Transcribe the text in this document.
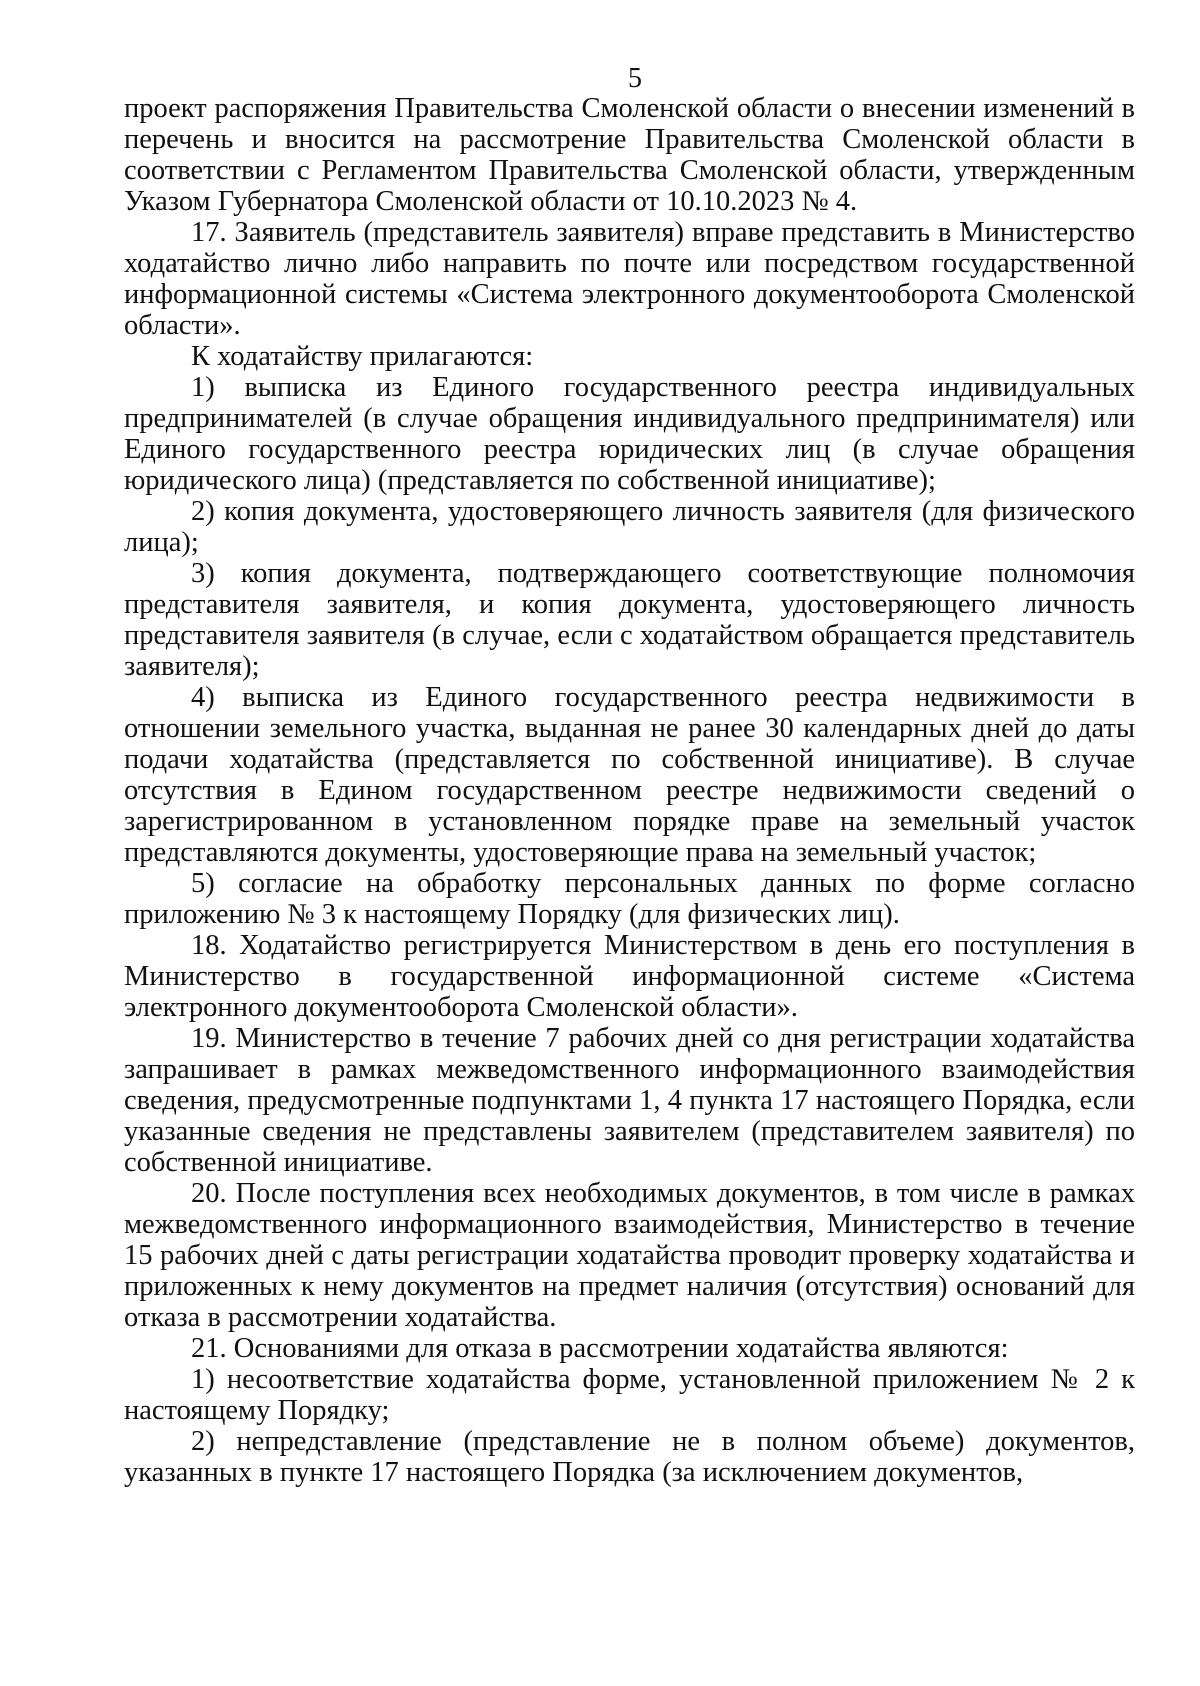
5

проект распоряжения Правительства Смоленской области о внесении изменений в перечень и вносится на рассмотрение Правительства Смоленской области в соответствии с Регламентом Правительства Смоленской области, утвержденным Указом Губернатора Смоленской области от 10.10.2023 № 4.

17. Заявитель (представитель заявителя) вправе представить в Министерство ходатайство лично либо направить по почте или посредством государственной информационной системы «Система электронного документооборота Смоленской области».

К ходатайству прилагаются:

1) выписка из Единого государственного реестра индивидуальных предпринимателей (в случае обращения индивидуального предпринимателя) или Единого государственного реестра юридических лиц (в случае обращения юридического лица) (представляется по собственной инициативе);

2) копия документа, удостоверяющего личность заявителя (для физического лица);

3) копия документа, подтверждающего соответствующие полномочия представителя заявителя, и копия документа, удостоверяющего личность представителя заявителя (в случае, если с ходатайством обращается представитель заявителя);

4) выписка из Единого государственного реестра недвижимости в отношении земельного участка, выданная не ранее 30 календарных дней до даты подачи ходатайства (представляется по собственной инициативе). В случае отсутствия в Едином государственном реестре недвижимости сведений о зарегистрированном в установленном порядке праве на земельный участок представляются документы, удостоверяющие права на земельный участок;

5) согласие на обработку персональных данных по форме согласно приложению № 3 к настоящему Порядку (для физических лиц).

18. Ходатайство регистрируется Министерством в день его поступления в Министерство в государственной информационной системе «Система электронного документооборота Смоленской области».

19. Министерство в течение 7 рабочих дней со дня регистрации ходатайства запрашивает в рамках межведомственного информационного взаимодействия сведения, предусмотренные подпунктами 1, 4 пункта 17 настоящего Порядка, если указанные сведения не представлены заявителем (представителем заявителя) по собственной инициативе.

20. После поступления всех необходимых документов, в том числе в рамках межведомственного информационного взаимодействия, Министерство в течение 15 рабочих дней с даты регистрации ходатайства проводит проверку ходатайства и приложенных к нему документов на предмет наличия (отсутствия) оснований для отказа в рассмотрении ходатайства.

21. Основаниями для отказа в рассмотрении ходатайства являются:

1) несоответствие ходатайства форме, установленной приложением № 2 к настоящему Порядку;

2) непредставление (представление не в полном объеме) документов, указанных в пункте 17 настоящего Порядка (за исключением документов,
